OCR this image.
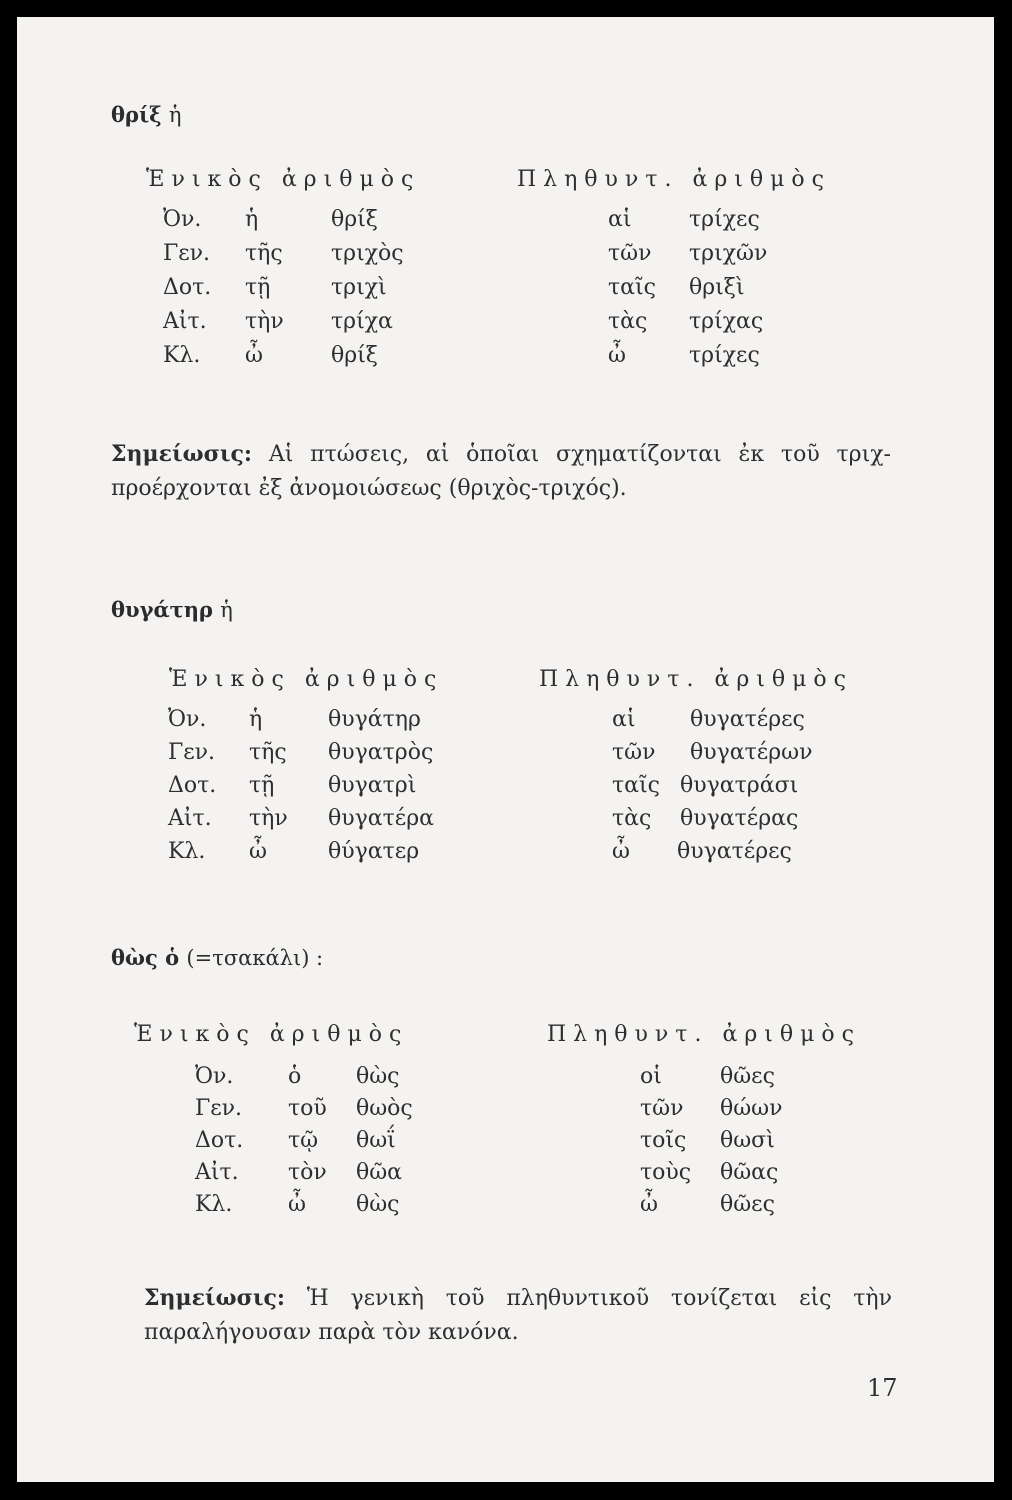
θρίξ ἡ
Ἑνικὸς ἀριθμὸς	Πληθυντ. ἀριθμὸς
Ὀν. ἡ	θρίξ	αἱ	τρίχες
Γεν. τῆς τριχὸς	τῶν τριχῶν
Δοτ. τῇ	τριχὶ	ταῖς θριξὶ
Αἰτ. τὴν τρίχα	τὰς τρίχας
Κλ. ὦ	θρίξ	ὦ	τρίχες
Σημείωσις: Αἱ πτώσεις, αἱ ὁποῖαι σχηματίζονται ἐκ τοῦ τριχ- προέρχονται ἐξ ἀνομοιώσεως (θριχὸς-τριχός).
θυγάτηρ ἡ
Ἑνικὸς ἀριθμὸς	Πληθυντ. ἀριθμὸς
Ὀν. ἡ	θυγάτηρ	αἱ θυγατέρες
Γεν. τῆς θυγατρὸς	τῶν θυγατέρων
Δοτ. τῇ θυγατρὶ	ταῖς θυγατράσι
Αἰτ. τὴν θυγατέρα	τὰς θυγατέρας
Κλ. ὦ	θύγατερ	ὦ θυγατέρες
θὼς ὁ (=τσακάλι) :
Ἑνικὸς ἀριθμὸς	Πληθυντ. ἀριθμὸς
Ὀν. ὁ θὼς	οἱ	θῶες
Γεν. τοῦ θωὸς	τῶν θώων
Δοτ. τῷ θωΐ	τοῖς θωσὶ
Αἰτ. τὸν θῶα	τοὺς θῶας
Κλ.	ὦ θὼς	ὦ	θῶες
Σημείωσις: Ἡ γενικὴ τοῦ πληθυντικοῦ τονίζεται εἰς τὴν παραλήγουσαν παρὰ τὸν κανόνα.
17
